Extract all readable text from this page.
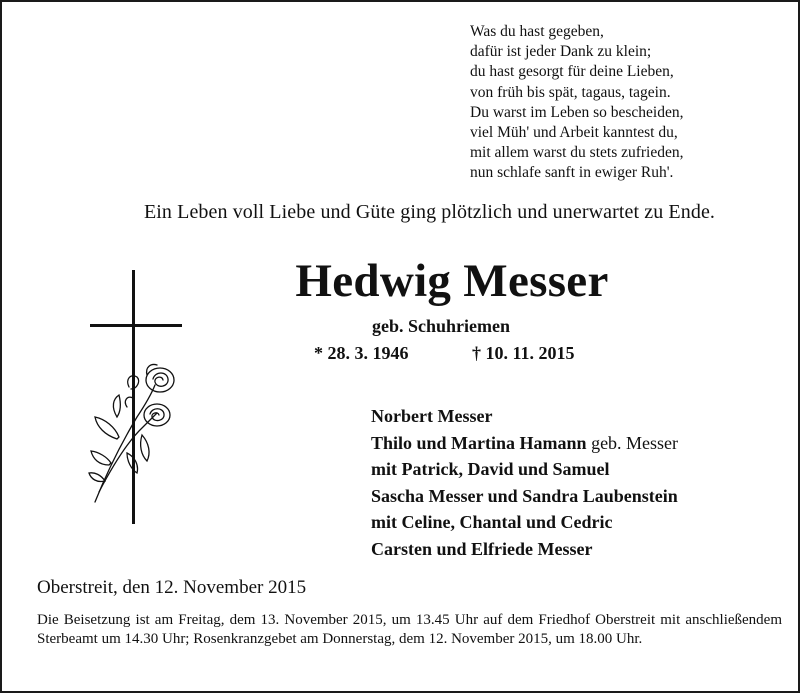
Was du hast gegeben,
dafür ist jeder Dank zu klein;
du hast gesorgt für deine Lieben,
von früh bis spät, tagaus, tagein.
Du warst im Leben so bescheiden,
viel Müh' und Arbeit kanntest du,
mit allem warst du stets zufrieden,
nun schlafe sanft in ewiger Ruh'.
Ein Leben voll Liebe und Güte ging plötzlich und unerwartet zu Ende.
Hedwig Messer
geb. Schuhriemen
* 28. 3. 1946	† 10. 11. 2015
Norbert Messer
Thilo und Martina Hamann geb. Messer
mit Patrick, David und Samuel
Sascha Messer und Sandra Laubenstein
mit Celine, Chantal und Cedric
Carsten und Elfriede Messer
Oberstreit, den 12. November 2015
Die Beisetzung ist am Freitag, dem 13. November 2015, um 13.45 Uhr auf dem Friedhof Oberstreit mit anschließendem Sterbeamt um 14.30 Uhr; Rosenkranzgebet am Donnerstag, dem 12. November 2015, um 18.00 Uhr.
